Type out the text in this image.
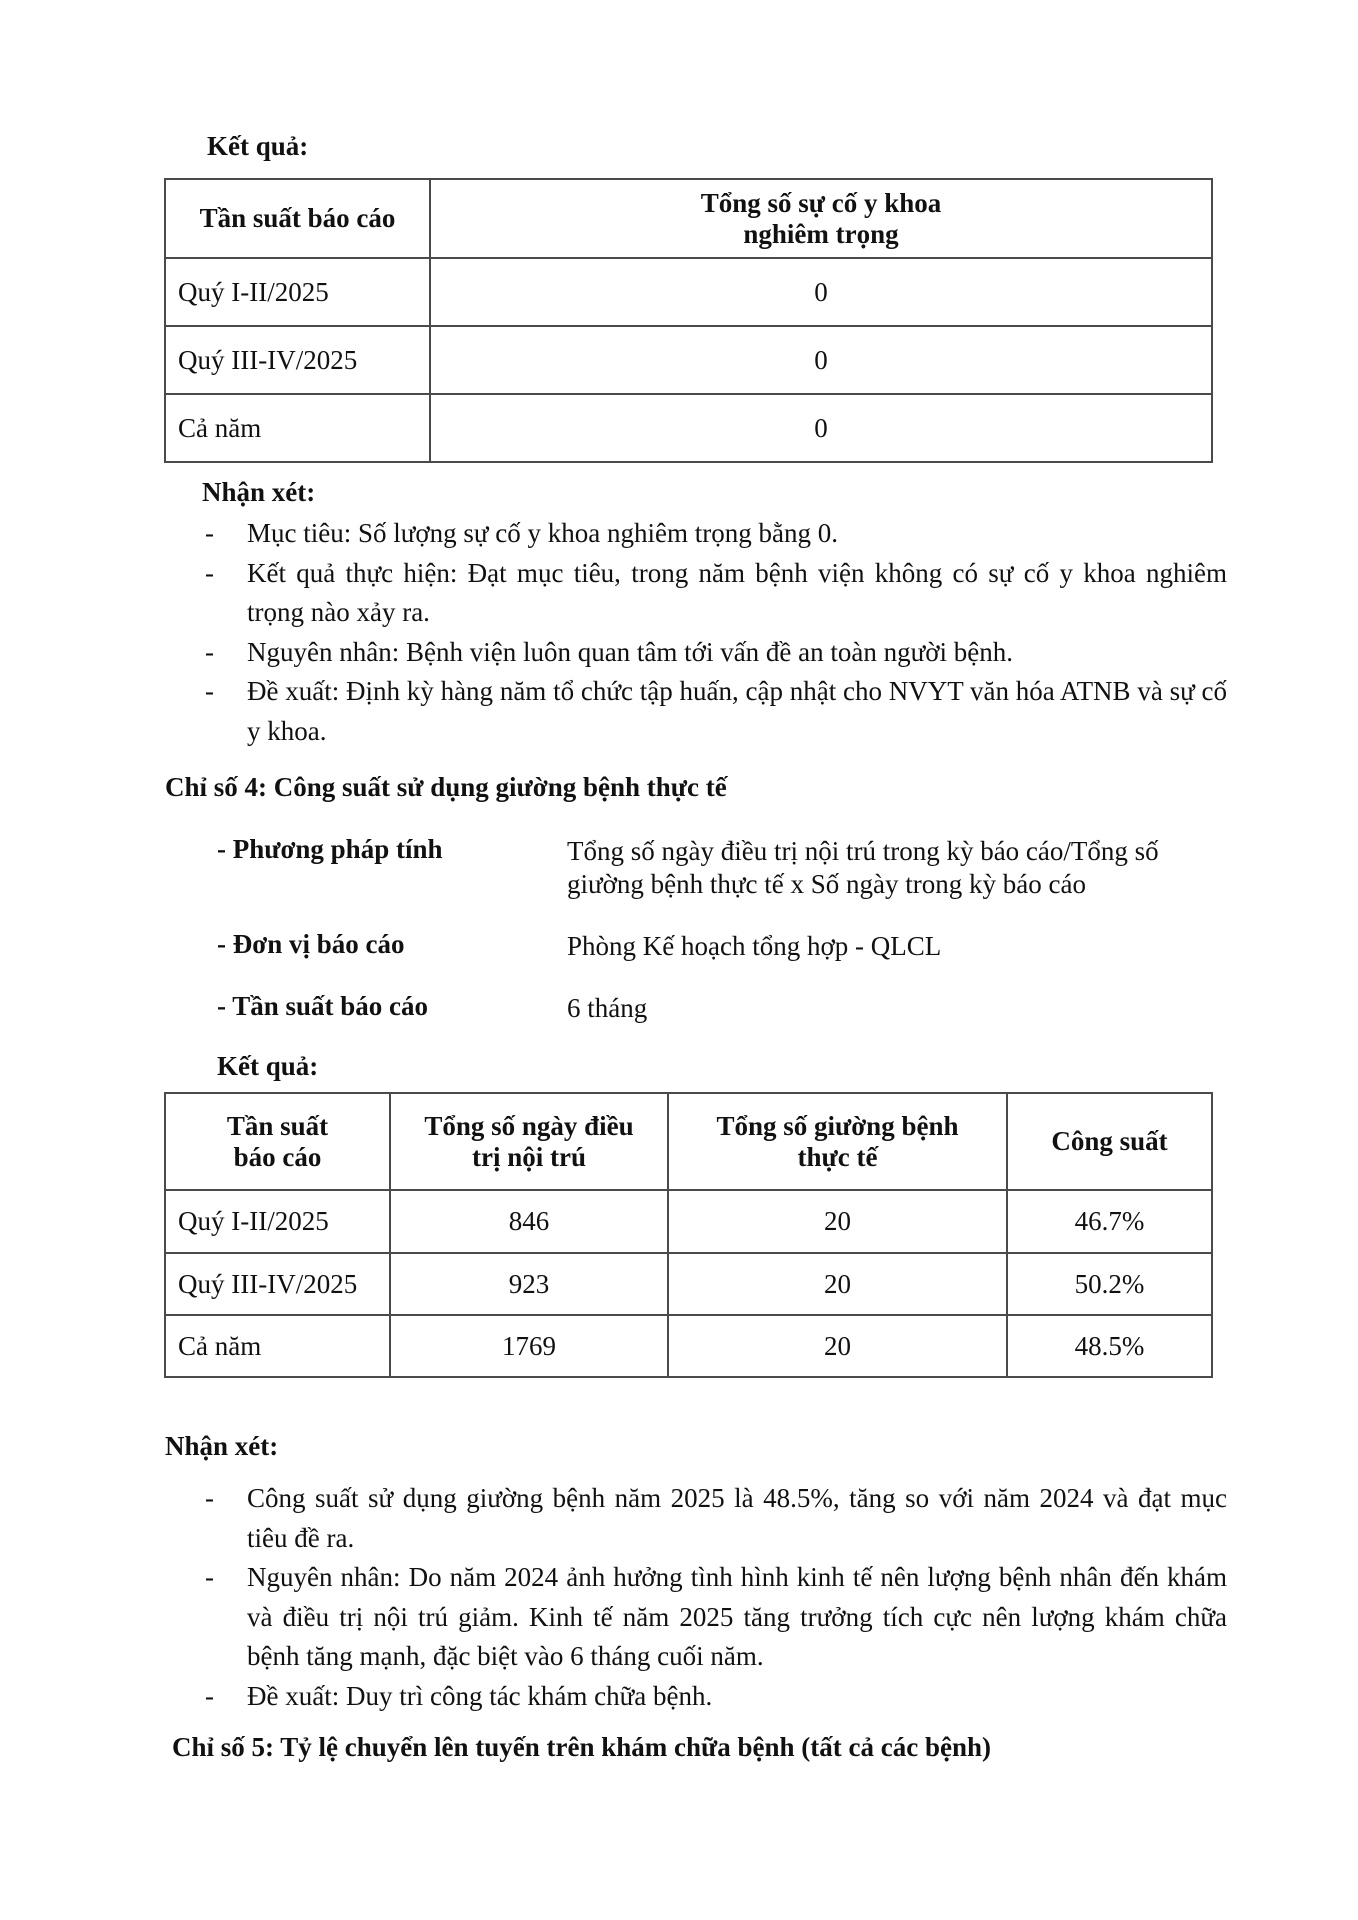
Kết quả:
Tần suất báo cáo	Tổng số sự cố y khoa nghiêm trọng

Quý I-II/2025	0
Quý III-IV/2025	0
Cả năm	0
Nhận xét:
- Mục tiêu: Số lượng sự cố y khoa nghiêm trọng bằng 0.
- Kết quả thực hiện: Đạt mục tiêu, trong năm bệnh viện không có sự cố y khoa nghiêm trọng nào xảy ra.
- Nguyên nhân: Bệnh viện luôn quan tâm tới vấn đề an toàn người bệnh.
- Đề xuất: Định kỳ hàng năm tổ chức tập huấn, cập nhật cho NVYT văn hóa ATNB và sự cố y khoa.
Chỉ số 4: Công suất sử dụng giường bệnh thực tế
- Phương pháp tính	Tổng số ngày điều trị nội trú trong kỳ báo cáo/Tổng số giường bệnh thực tế x Số ngày trong kỳ báo cáo
- Đơn vị báo cáo	Phòng Kế hoạch tổng hợp - QLCL
- Tần suất báo cáo	6 tháng
Kết quả:
Tần suất báo cáo	Tổng số ngày điều trị nội trú	Tổng số giường bệnh thực tế	Công suất
Quý I-II/2025	846	20	46.7%
Quý III-IV/2025	923	20	50.2%
Cả năm	1769	20	48.5%
Nhận xét:
- Công suất sử dụng giường bệnh năm 2025 là 48.5%, tăng so với năm 2024 và đạt mục tiêu đề ra.
- Nguyên nhân: Do năm 2024 ảnh hưởng tình hình kinh tế nên lượng bệnh nhân đến khám và điều trị nội trú giảm. Kinh tế năm 2025 tăng trưởng tích cực nên lượng khám chữa bệnh tăng mạnh, đặc biệt vào 6 tháng cuối năm.
- Đề xuất: Duy trì công tác khám chữa bệnh.
Chỉ số 5: Tỷ lệ chuyển lên tuyến trên khám chữa bệnh (tất cả các bệnh)
